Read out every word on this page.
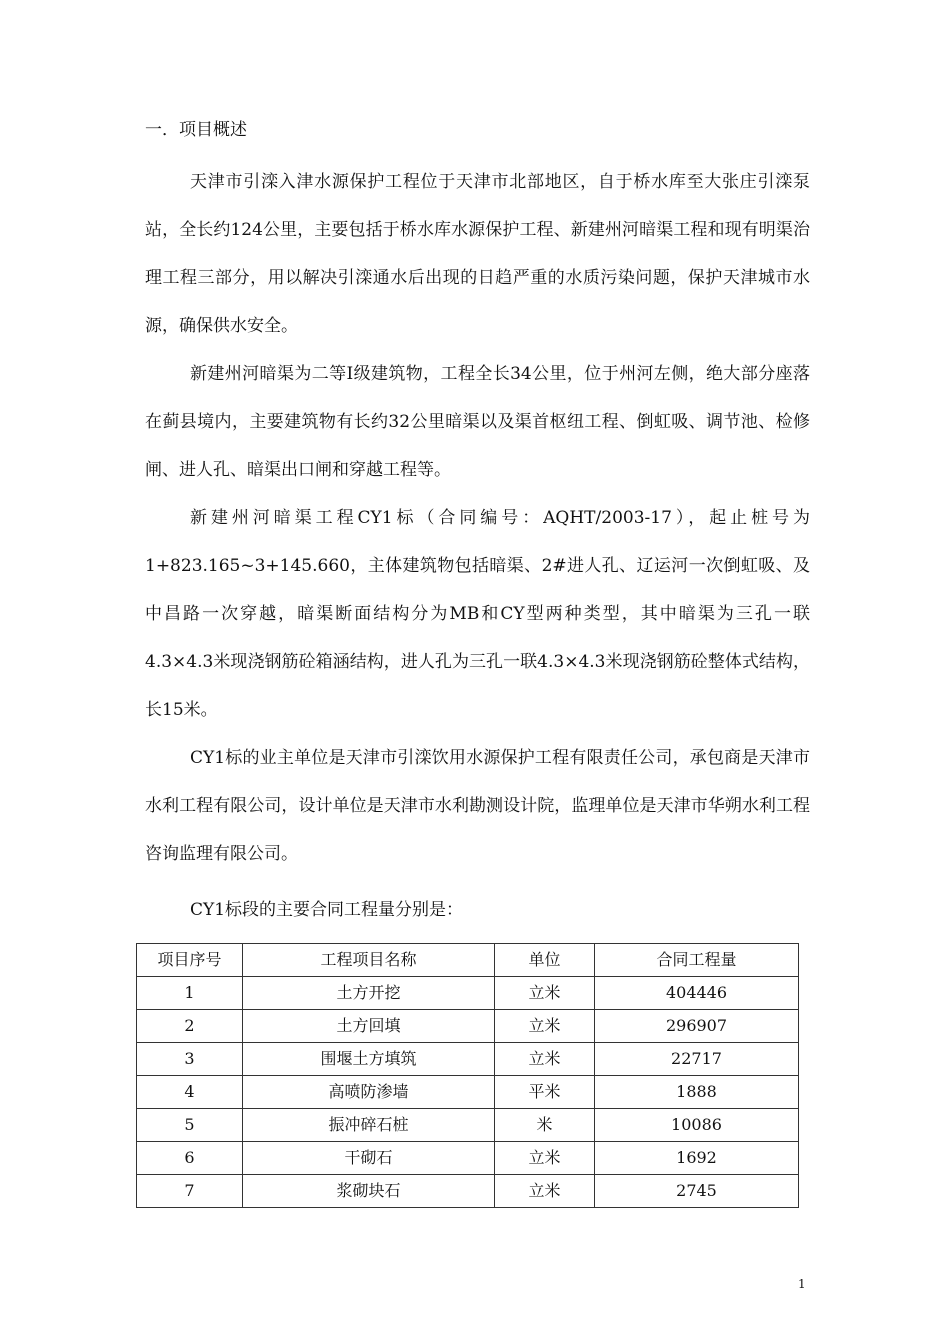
一．项目概述

天津市引滦入津水源保护工程位于天津市北部地区，自于桥水库至大张庄引滦泵站，全长约124公里，主要包括于桥水库水源保护工程、新建州河暗渠工程和现有明渠治理工程三部分，用以解决引滦通水后出现的日趋严重的水质污染问题，保护天津城市水源，确保供水安全。

新建州河暗渠为二等Ⅰ级建筑物，工程全长34公里，位于州河左侧，绝大部分座落在蓟县境内，主要建筑物有长约32公里暗渠以及渠首枢纽工程、倒虹吸、调节池、检修闸、进人孔、暗渠出口闸和穿越工程等。

新建州河暗渠工程CY1标（合同编号：AQHT/2003-17），起止桩号为1+823.165~3+145.660，主体建筑物包括暗渠、2#进人孔、辽运河一次倒虹吸、及中昌路一次穿越，暗渠断面结构分为MB和CY型两种类型，其中暗渠为三孔一联4.3×4.3米现浇钢筋砼箱涵结构，进人孔为三孔一联4.3×4.3米现浇钢筋砼整体式结构，长15米。

CY1标的业主单位是天津市引滦饮用水源保护工程有限责任公司，承包商是天津市水利工程有限公司，设计单位是天津市水利勘测设计院，监理单位是天津市华朔水利工程咨询监理有限公司。

CY1标段的主要合同工程量分别是：
项目序号	工程项目名称	单位	合同工程量
1	土方开挖	立米	404446
2	土方回填	立米	296907
3	围堰土方填筑	立米	22717
4	高喷防渗墙	平米	1888
5	振冲碎石桩	米	10086
6	干砌石	立米	1692
7	浆砌块石	立米	2745
1
